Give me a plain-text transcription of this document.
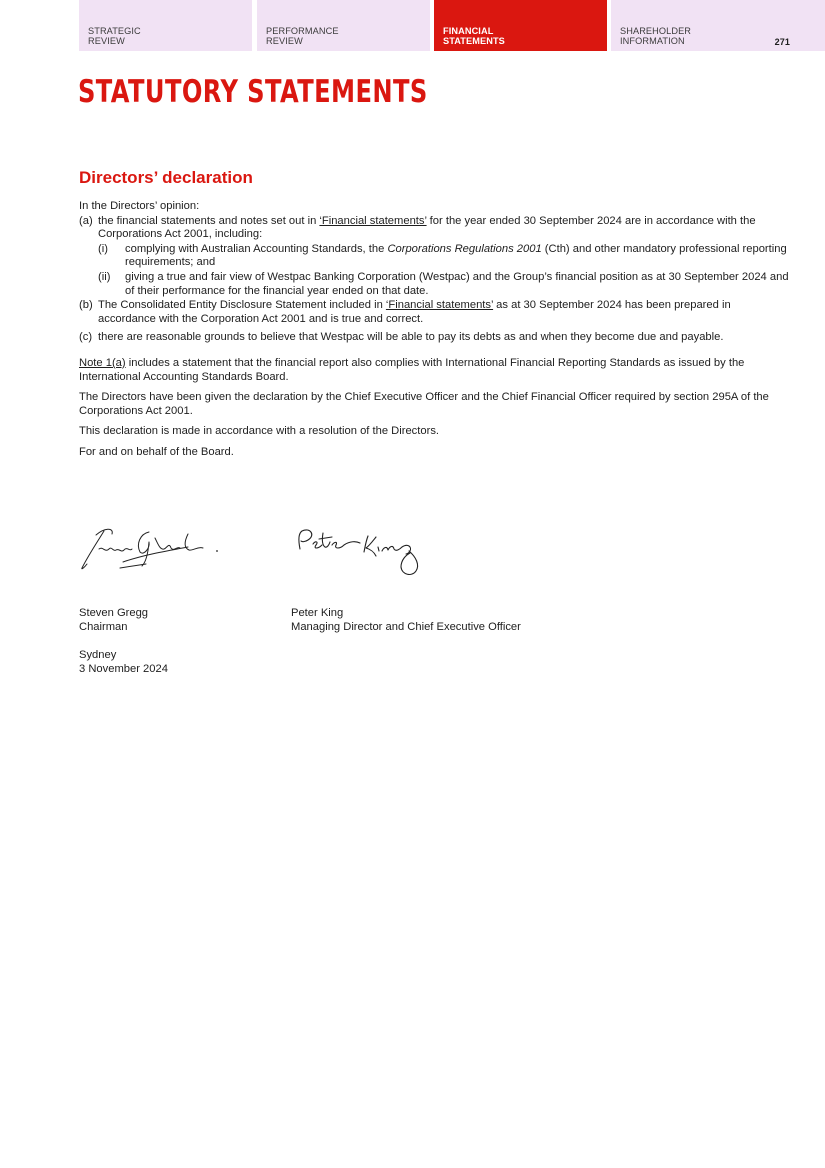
STRATEGIC
REVIEW
PERFORMANCE
REVIEW
FINANCIAL
STATEMENTS
SHAREHOLDER
INFORMATION	271
STATUTORY STATEMENTS
Directors’ declaration

In the Directors’ opinion:

(a) the financial statements and notes set out in ‘Financial statements’ for the year ended 30 September 2024 are in accordance with the Corporations Act 2001, including:
(i) complying with Australian Accounting Standards, the Corporations Regulations 2001 (Cth) and other mandatory professional reporting requirements; and
(ii) giving a true and fair view of Westpac Banking Corporation (Westpac) and the Group’s financial position as at 30 September 2024 and of their performance for the financial year ended on that date.
(b) The Consolidated Entity Disclosure Statement included in ‘Financial statements’ as at 30 September 2024 has been prepared in accordance with the Corporation Act 2001 and is true and correct.
(c) there are reasonable grounds to believe that Westpac will be able to pay its debts as and when they become due and payable.

Note 1(a) includes a statement that the financial report also complies with International Financial Reporting Standards as issued by the International Accounting Standards Board.

The Directors have been given the declaration by the Chief Executive Officer and the Chief Financial Officer required by section 295A of the Corporations Act 2001.

This declaration is made in accordance with a resolution of the Directors.

For and on behalf of the Board.

Steven Gregg
Chairman
Peter King
Managing Director and Chief Executive Officer
Sydney
3 November 2024
